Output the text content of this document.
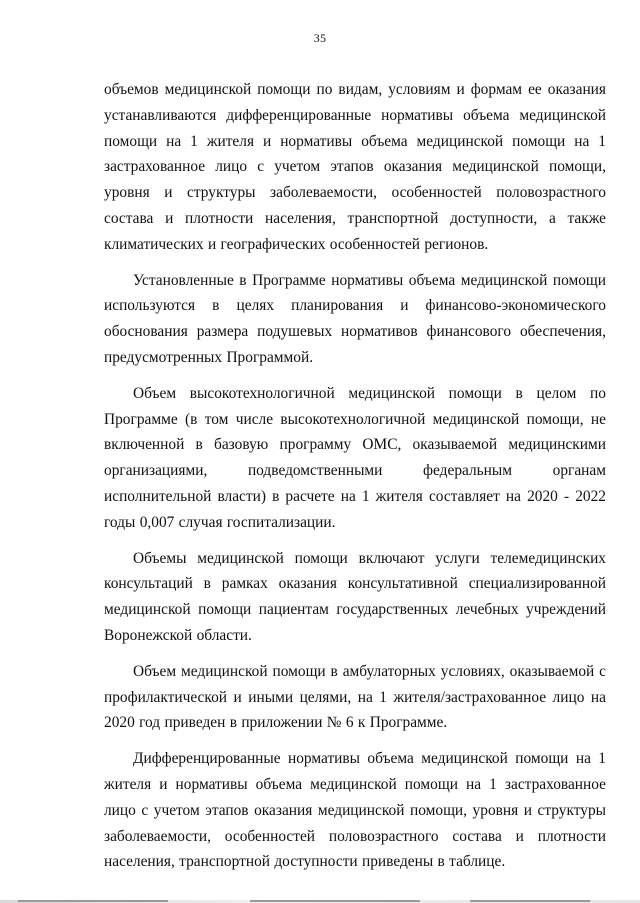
35

объемов медицинской помощи по видам, условиям и формам ее оказания устанавливаются дифференцированные нормативы объема медицинской помощи на 1 жителя и нормативы объема медицинской помощи на 1 застрахованное лицо с учетом этапов оказания медицинской помощи, уровня и структуры заболеваемости, особенностей половозрастного состава и плотности населения, транспортной доступности, а также климатических и географических особенностей регионов.

Установленные в Программе нормативы объема медицинской помощи используются в целях планирования и финансово-экономического обоснования размера подушевых нормативов финансового обеспечения, предусмотренных Программой.

Объем высокотехнологичной медицинской помощи в целом по Программе (в том числе высокотехнологичной медицинской помощи, не включенной в базовую программу ОМС, оказываемой медицинскими организациями, подведомственными федеральным органам исполнительной власти) в расчете на 1 жителя составляет на 2020 - 2022 годы 0,007 случая госпитализации.

Объемы медицинской помощи включают услуги телемедицинских консультаций в рамках оказания консультативной специализированной медицинской помощи пациентам государственных лечебных учреждений Воронежской области.

Объем медицинской помощи в амбулаторных условиях, оказываемой с профилактической и иными целями, на 1 жителя/застрахованное лицо на 2020 год приведен в приложении № 6 к Программе.

Дифференцированные нормативы объема медицинской помощи на 1 жителя и нормативы объема медицинской помощи на 1 застрахованное лицо с учетом этапов оказания медицинской помощи, уровня и структуры заболеваемости, особенностей половозрастного состава и плотности населения, транспортной доступности приведены в таблице.
